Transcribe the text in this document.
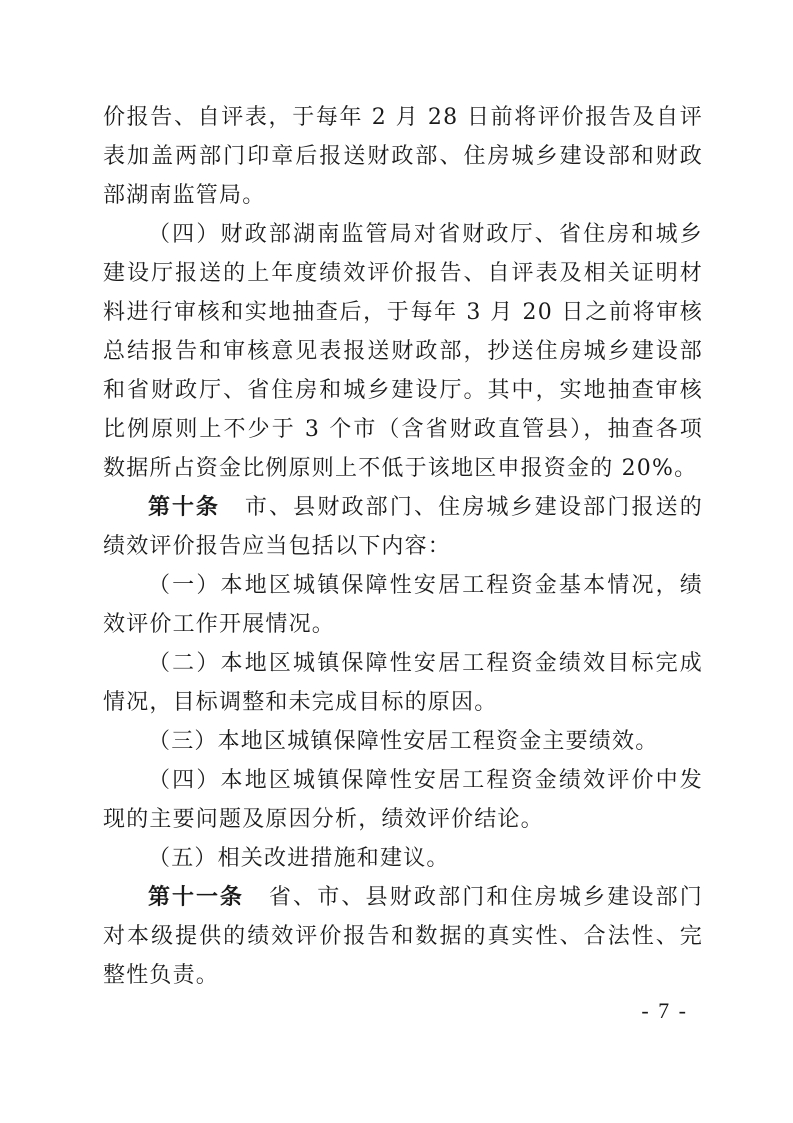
价报告、自评表，于每年 2 月 28 日前将评价报告及自评表加盖两部门印章后报送财政部、住房城乡建设部和财政部湖南监管局。

（四）财政部湖南监管局对省财政厅、省住房和城乡建设厅报送的上年度绩效评价报告、自评表及相关证明材料进行审核和实地抽查后，于每年 3 月 20 日之前将审核总结报告和审核意见表报送财政部，抄送住房城乡建设部和省财政厅、省住房和城乡建设厅。其中，实地抽查审核比例原则上不少于 3 个市（含省财政直管县），抽查各项数据所占资金比例原则上不低于该地区申报资金的 20%。

第十条 市、县财政部门、住房城乡建设部门报送的绩效评价报告应当包括以下内容：

（一）本地区城镇保障性安居工程资金基本情况，绩效评价工作开展情况。

（二）本地区城镇保障性安居工程资金绩效目标完成情况，目标调整和未完成目标的原因。

（三）本地区城镇保障性安居工程资金主要绩效。

（四）本地区城镇保障性安居工程资金绩效评价中发现的主要问题及原因分析，绩效评价结论。

（五）相关改进措施和建议。

第十一条 省、市、县财政部门和住房城乡建设部门对本级提供的绩效评价报告和数据的真实性、合法性、完整性负责。

- 7 -
